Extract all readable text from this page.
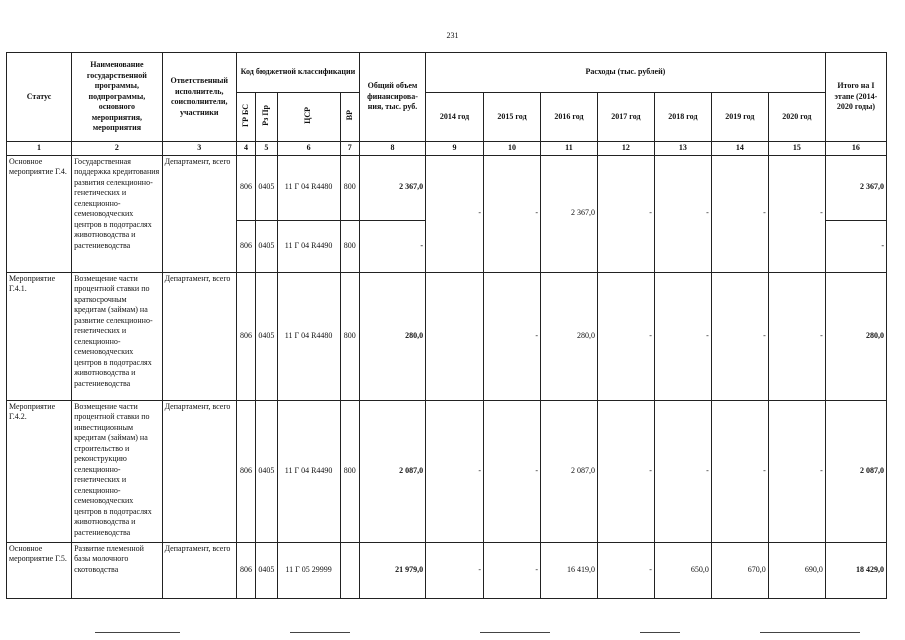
231
Статус	Наименование государственной программы, подпрограммы, основного мероприятия, мероприятия	Ответственный исполнитель, соисполнители, участники	Код бюджетной классификации				Общий объем финансирова-ния, тыс. руб.	Расходы (тыс. рублей)							Итого на I этапе (2014-2020 годы)
			ГР БС	Рз Пр	ЦСР	ВР		2014 год	2015 год	2016 год	2017 год	2018 год	2019 год	2020 год	
1	2	3	4	5	6	7	8	9	10	11	12	13	14	15	16
Основное мероприятие Г.4.	Государственная поддержка кредитования развития селекционно-генетических и селекционно-семеноводческих центров в подотраслях животноводства и растениеводства	Департамент, всего	806	0405	11 Г 04 R4480	800	2 367,0	-	-	2 367,0	-	-	-	-	2 367,0
			806	0405	11 Г 04 R4490	800	-								-
Мероприятие Г.4.1.	Возмещение части процентной ставки по краткосрочным кредитам (займам) на развитие селекционно-генетических и селекционно-семеноводческих центров в подотраслях животноводства и растениеводства	Департамент, всего	806	0405	11 Г 04 R4480	800	280,0		-	280,0	-	-	-	-	280,0
Мероприятие Г.4.2.	Возмещение части процентной ставки по инвестиционным кредитам (займам) на строительство и реконструкцию селекционно-генетических и селекционно-семеноводческих центров в подотраслях животноводства и растениеводства	Департамент, всего	806	0405	11 Г 04 R4490	800	2 087,0	-	-	2 087,0	-	-	-	-	2 087,0
Основное мероприятие Г.5.	Развитие племенной базы молочного скотоводства	Департамент, всего	806	0405	11 Г 05 29999		21 979,0	-	-	16 419,0	-	650,0	670,0	690,0	18 429,0
